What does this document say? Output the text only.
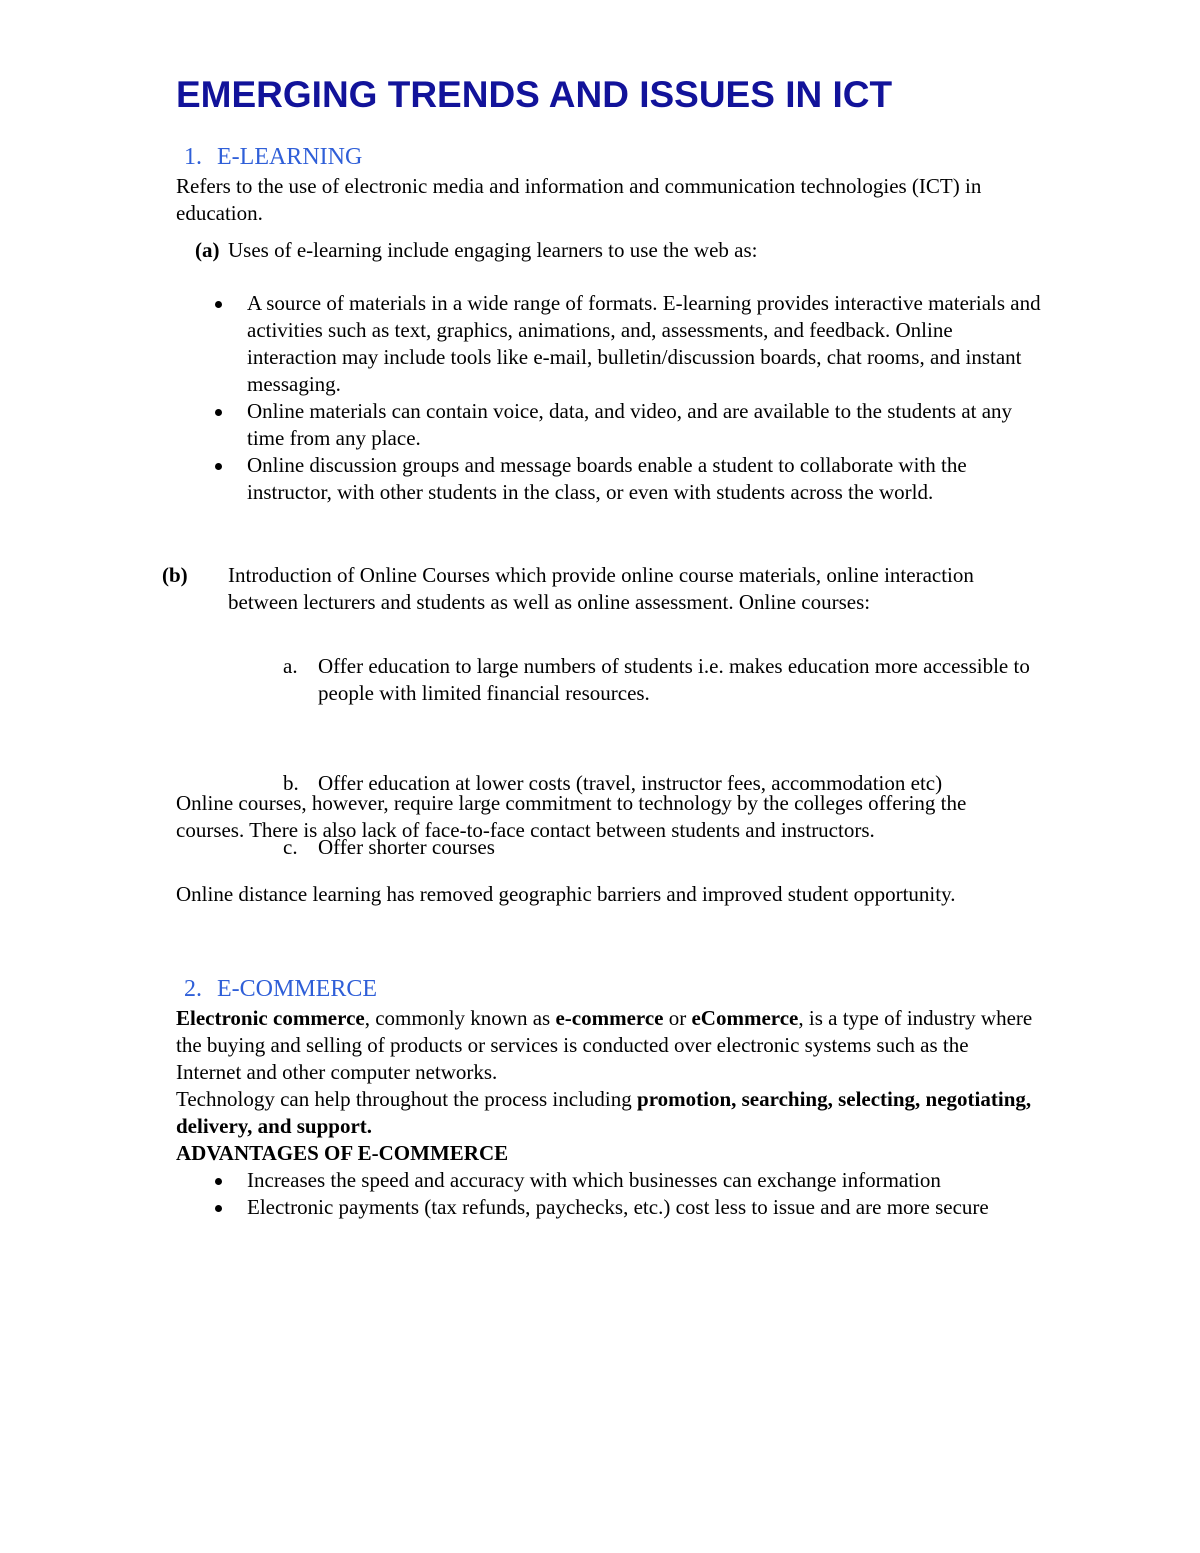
EMERGING TRENDS AND ISSUES IN ICT
1. E-LEARNING

Refers to the use of electronic media and information and communication technologies (ICT) in education.

(a) Uses of e-learning include engaging learners to use the web as:

A source of materials in a wide range of formats. E-learning provides interactive materials and activities such as text, graphics, animations, and, assessments, and feedback. Online interaction may include tools like e-mail, bulletin/discussion boards, chat rooms, and instant messaging.
Online materials can contain voice, data, and video, and are available to the students at any time from any place.
Online discussion groups and message boards enable a student to collaborate with the instructor, with other students in the class, or even with students across the world.

(b) Introduction of Online Courses which provide online course materials, online interaction between lecturers and students as well as online assessment. Online courses:

a. Offer education to large numbers of students i.e. makes education more accessible to people with limited financial resources.
b. Offer education at lower costs (travel, instructor fees, accommodation etc)
c. Offer shorter courses

Online courses, however, require large commitment to technology by the colleges offering the courses. There is also lack of face-to-face contact between students and instructors.

Online distance learning has removed geographic barriers and improved student opportunity.

2. E-COMMERCE

Electronic commerce, commonly known as e-commerce or eCommerce, is a type of industry where the buying and selling of products or services is conducted over electronic systems such as the Internet and other computer networks.

Technology can help throughout the process including promotion, searching, selecting, negotiating, delivery, and support.

ADVANTAGES OF E-COMMERCE
Increases the speed and accuracy with which businesses can exchange information
Electronic payments (tax refunds, paychecks, etc.) cost less to issue and are more secure
